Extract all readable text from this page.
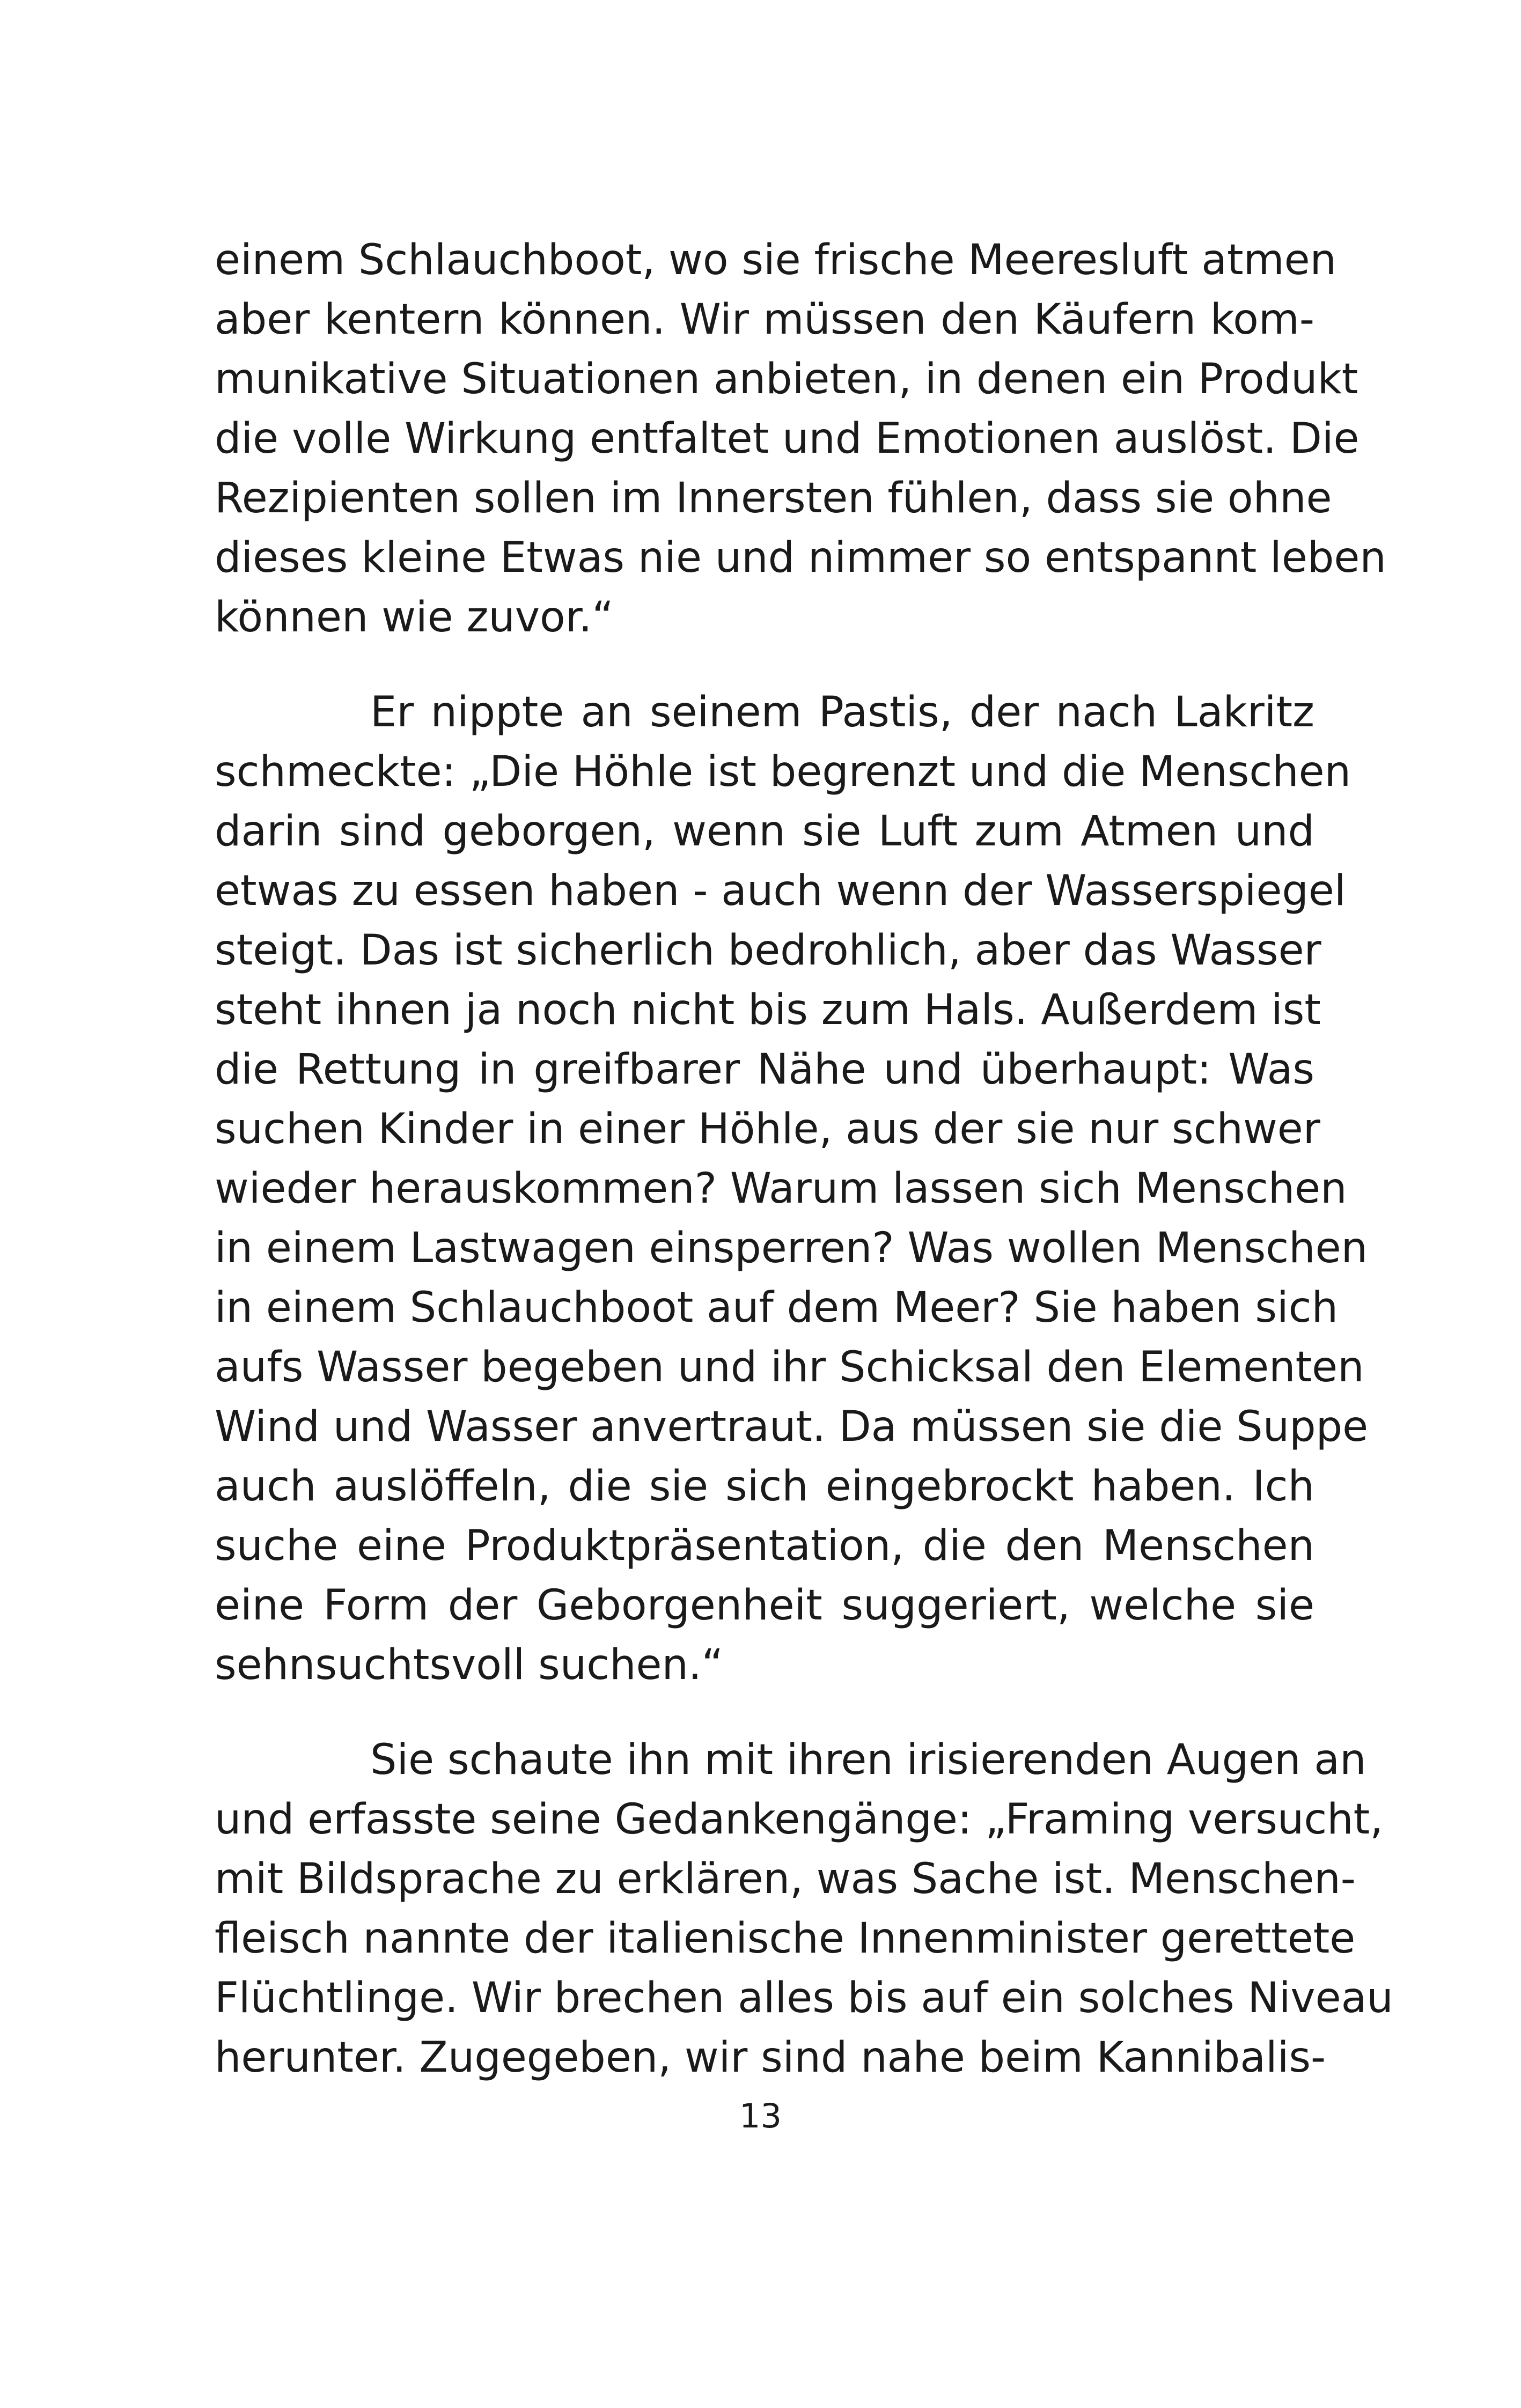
einem Schlauchboot, wo sie frische Meeresluft atmen
aber kentern können. Wir müssen den Käufern kom-
munikative Situationen anbieten, in denen ein Produkt
die volle Wirkung entfaltet und Emotionen auslöst. Die
Rezipienten sollen im Innersten fühlen, dass sie ohne
dieses kleine Etwas nie und nimmer so entspannt leben
können wie zuvor.“
Er nippte an seinem Pastis, der nach Lakritz
schmeckte: „Die Höhle ist begrenzt und die Menschen
darin sind geborgen, wenn sie Luft zum Atmen und
etwas zu essen haben - auch wenn der Wasserspiegel
steigt. Das ist sicherlich bedrohlich, aber das Wasser
steht ihnen ja noch nicht bis zum Hals. Außerdem ist
die Rettung in greifbarer Nähe und überhaupt: Was
suchen Kinder in einer Höhle, aus der sie nur schwer
wieder herauskommen? Warum lassen sich Menschen
in einem Lastwagen einsperren? Was wollen Menschen
in einem Schlauchboot auf dem Meer? Sie haben sich
aufs Wasser begeben und ihr Schicksal den Elementen
Wind und Wasser anvertraut. Da müssen sie die Suppe
auch auslöffeln, die sie sich eingebrockt haben. Ich
suche eine Produktpräsentation, die den Menschen
eine Form der Geborgenheit suggeriert, welche sie
sehnsuchtsvoll suchen.“
Sie schaute ihn mit ihren irisierenden Augen an
und erfasste seine Gedankengänge: „Framing versucht,
mit Bildsprache zu erklären, was Sache ist. Menschen-
fleisch nannte der italienische Innenminister gerettete
Flüchtlinge. Wir brechen alles bis auf ein solches Niveau
herunter. Zugegeben, wir sind nahe beim Kannibalis-
13
